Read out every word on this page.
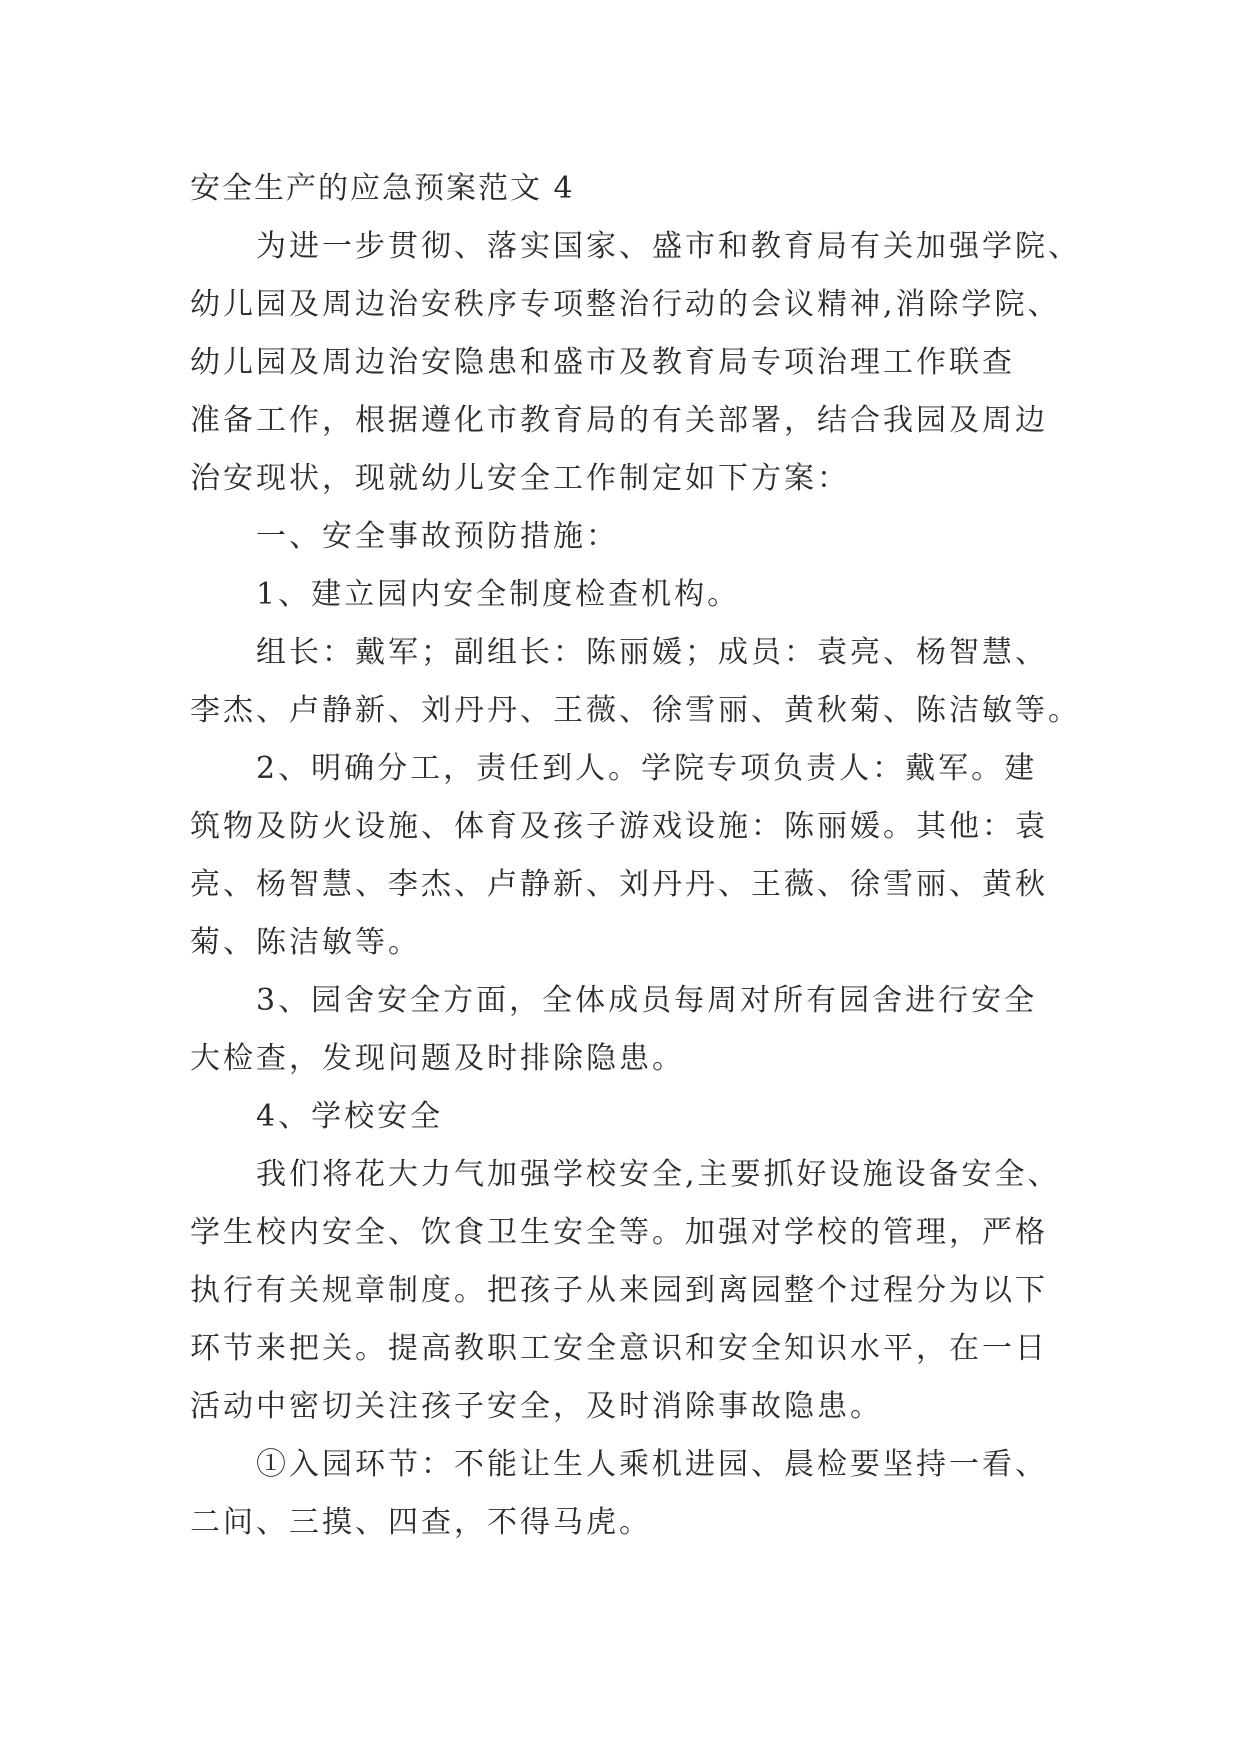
安全生产的应急预案范文 4
为进一步贯彻、落实国家、盛市和教育局有关加强学院、
幼儿园及周边治安秩序专项整治行动的会议精神,消除学院、
幼儿园及周边治安隐患和盛市及教育局专项治理工作联查
准备工作，根据遵化市教育局的有关部署，结合我园及周边
治安现状，现就幼儿安全工作制定如下方案：
一、安全事故预防措施：
1、建立园内安全制度检查机构。
组长：戴军；副组长：陈丽媛；成员：袁亮、杨智慧、
李杰、卢静新、刘丹丹、王薇、徐雪丽、黄秋菊、陈洁敏等。
2、明确分工，责任到人。学院专项负责人：戴军。建
筑物及防火设施、体育及孩子游戏设施：陈丽媛。其他：袁
亮、杨智慧、李杰、卢静新、刘丹丹、王薇、徐雪丽、黄秋
菊、陈洁敏等。
3、园舍安全方面，全体成员每周对所有园舍进行安全
大检查，发现问题及时排除隐患。
4、学校安全
我们将花大力气加强学校安全,主要抓好设施设备安全、
学生校内安全、饮食卫生安全等。加强对学校的管理，严格
执行有关规章制度。把孩子从来园到离园整个过程分为以下
环节来把关。提高教职工安全意识和安全知识水平，在一日
活动中密切关注孩子安全，及时消除事故隐患。
①入园环节：不能让生人乘机进园、晨检要坚持一看、
二问、三摸、四查，不得马虎。
